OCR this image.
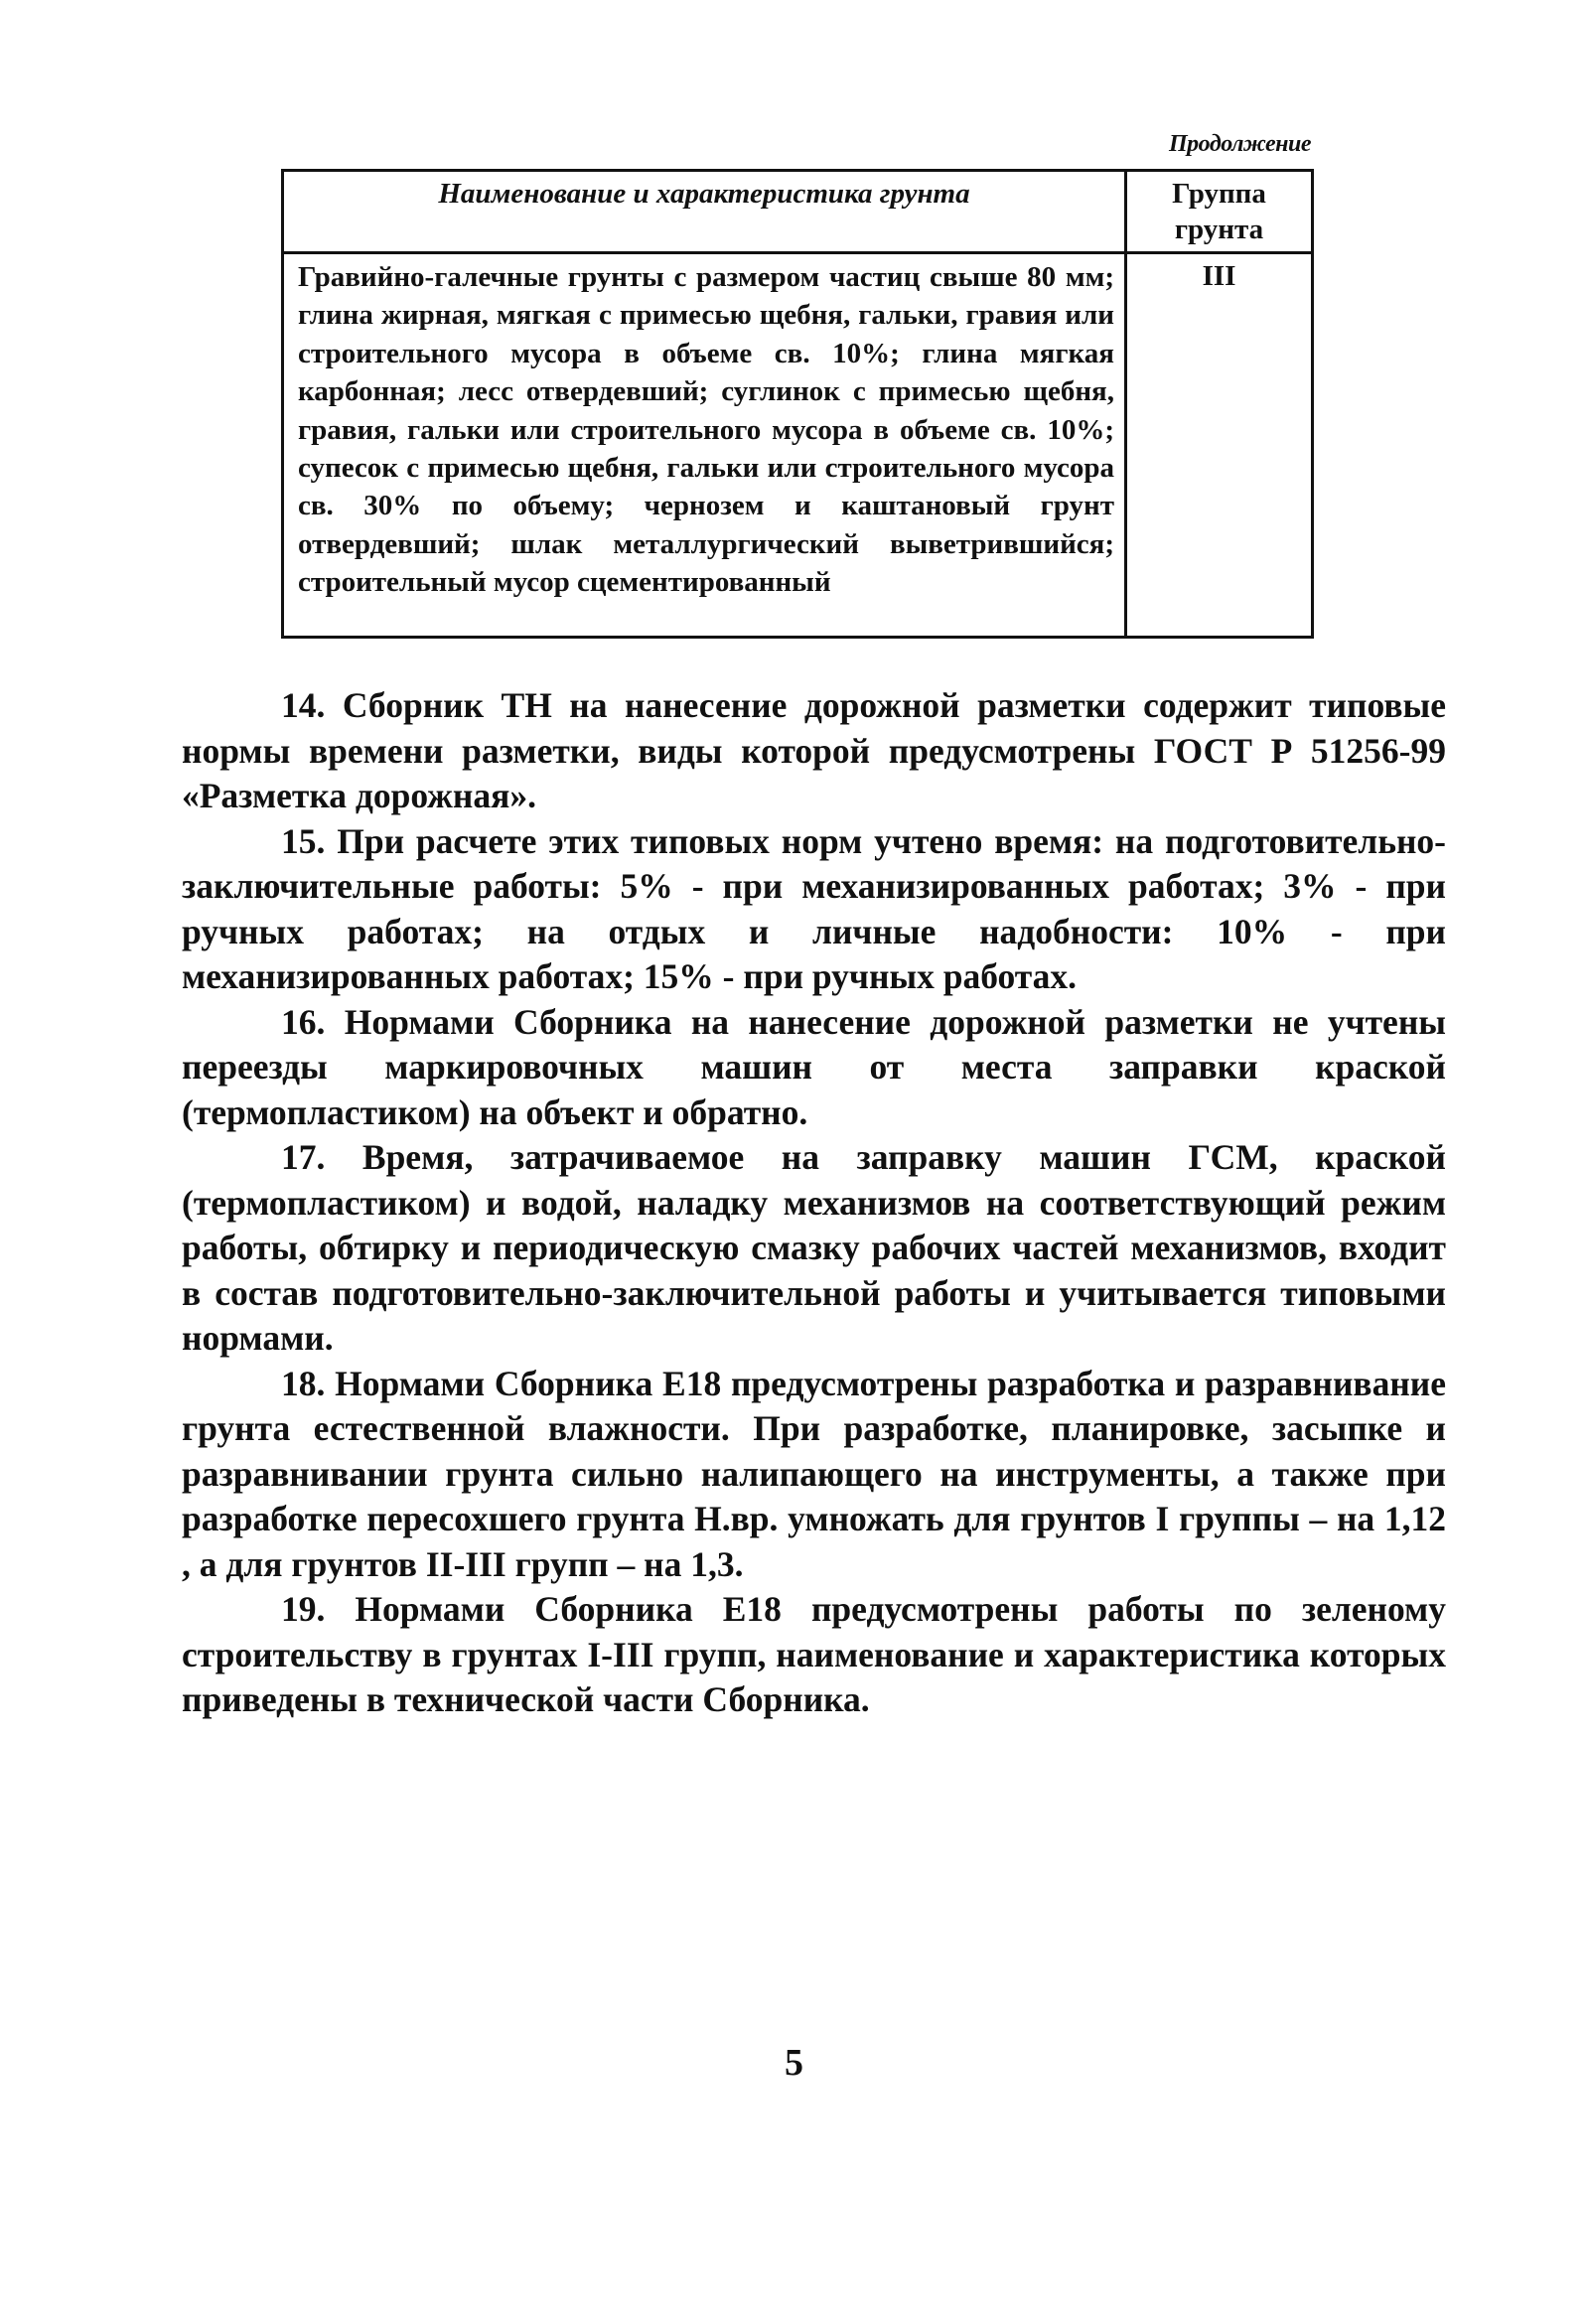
Продолжение
Наименование и характеристика грунта	Группа грунта
Гравийно-галечные грунты с размером частиц свыше 80 мм; глина жирная, мягкая с примесью щебня, гальки, гравия или строительного мусора в объеме св. 10%; глина мягкая карбонная; лесс отвердевший; суглинок с примесью щебня, гравия, гальки или строительного мусора в объеме св. 10%; супесок с примесью щебня, гальки или строительного мусора св. 30% по объему; чернозем и каштановый грунт отвердевший; шлак металлургический выветрившийся; строительный мусор сцементированный	III

14. Сборник ТН на нанесение дорожной разметки содержит типовые нормы времени разметки, виды которой предусмотрены ГОСТ Р 51256-99 «Разметка дорожная».

15. При расчете этих типовых норм учтено время: на подготовительно-заключительные работы: 5% - при механизированных работах; 3% - при ручных работах; на отдых и личные надобности: 10% - при механизированных работах; 15% - при ручных работах.

16. Нормами Сборника на нанесение дорожной разметки не учтены переезды маркировочных машин от места заправки краской (термопластиком) на объект и обратно.

17. Время, затрачиваемое на заправку машин ГСМ, краской (термопластиком) и водой, наладку механизмов на соответствующий режим работы, обтирку и периодическую смазку рабочих частей механизмов, входит в состав подготовительно-заключительной работы и учитывается типовыми нормами.

18. Нормами Сборника Е18 предусмотрены разработка и разравнивание грунта естественной влажности. При разработке, планировке, засыпке и разравнивании грунта сильно налипающего на инструменты, а также при разработке пересохшего грунта Н.вр. умножать для грунтов I группы – на 1,12 , а для грунтов II-III групп – на 1,3.

19. Нормами Сборника Е18 предусмотрены работы по зеленому строительству в грунтах I-III групп, наименование и характеристика которых приведены в технической части Сборника.

5
